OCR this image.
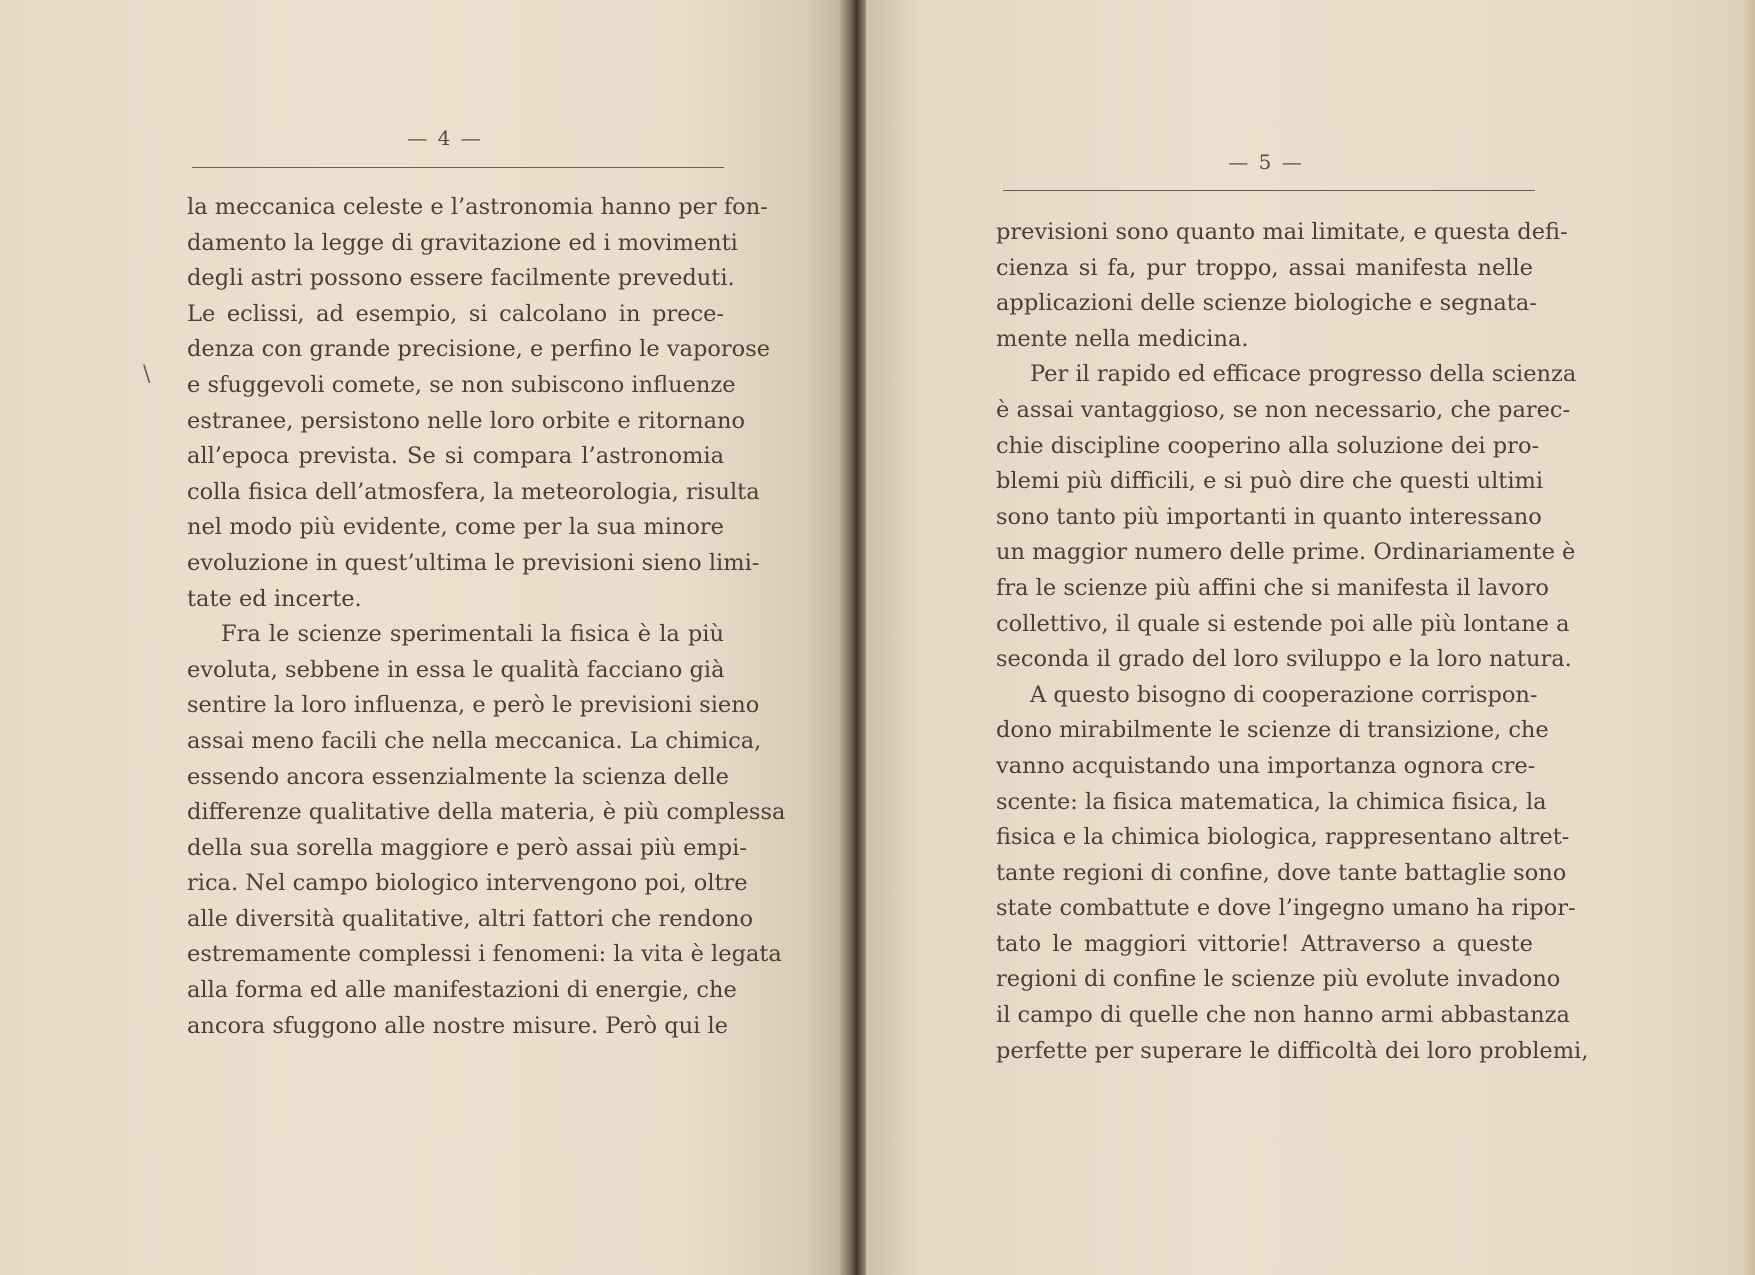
— 4 —
la meccanica celeste e l’astronomia hanno per fon-
damento la legge di gravitazione ed i movimenti
degli astri possono essere facilmente preveduti.
Le eclissi, ad esempio, si calcolano in prece-
denza con grande precisione, e perfino le vaporose
e sfuggevoli comete, se non subiscono influenze
estranee, persistono nelle loro orbite e ritornano
all’epoca prevista. Se si compara l’astronomia
colla fisica dell’atmosfera, la meteorologia, risulta
nel modo più evidente, come per la sua minore
evoluzione in quest’ultima le previsioni sieno limi-
tate ed incerte.
Fra le scienze sperimentali la fisica è la più
evoluta, sebbene in essa le qualità facciano già
sentire la loro influenza, e però le previsioni sieno
assai meno facili che nella meccanica. La chimica,
essendo ancora essenzialmente la scienza delle
differenze qualitative della materia, è più complessa
della sua sorella maggiore e però assai più empi-
rica. Nel campo biologico intervengono poi, oltre
alle diversità qualitative, altri fattori che rendono
estremamente complessi i fenomeni: la vita è legata
alla forma ed alle manifestazioni di energie, che
ancora sfuggono alle nostre misure. Però qui le
\
— 5 —
previsioni sono quanto mai limitate, e questa defi-
cienza si fa, pur troppo, assai manifesta nelle
applicazioni delle scienze biologiche e segnata-
mente nella medicina.
Per il rapido ed efficace progresso della scienza
è assai vantaggioso, se non necessario, che parec-
chie discipline cooperino alla soluzione dei pro-
blemi più difficili, e si può dire che questi ultimi
sono tanto più importanti in quanto interessano
un maggior numero delle prime. Ordinariamente è
fra le scienze più affini che si manifesta il lavoro
collettivo, il quale si estende poi alle più lontane a
seconda il grado del loro sviluppo e la loro natura.
A questo bisogno di cooperazione corrispon-
dono mirabilmente le scienze di transizione, che
vanno acquistando una importanza ognora cre-
scente: la fisica matematica, la chimica fisica, la
fisica e la chimica biologica, rappresentano altret-
tante regioni di confine, dove tante battaglie sono
state combattute e dove l’ingegno umano ha ripor-
tato le maggiori vittorie! Attraverso a queste
regioni di confine le scienze più evolute invadono
il campo di quelle che non hanno armi abbastanza
perfette per superare le difficoltà dei loro problemi,
